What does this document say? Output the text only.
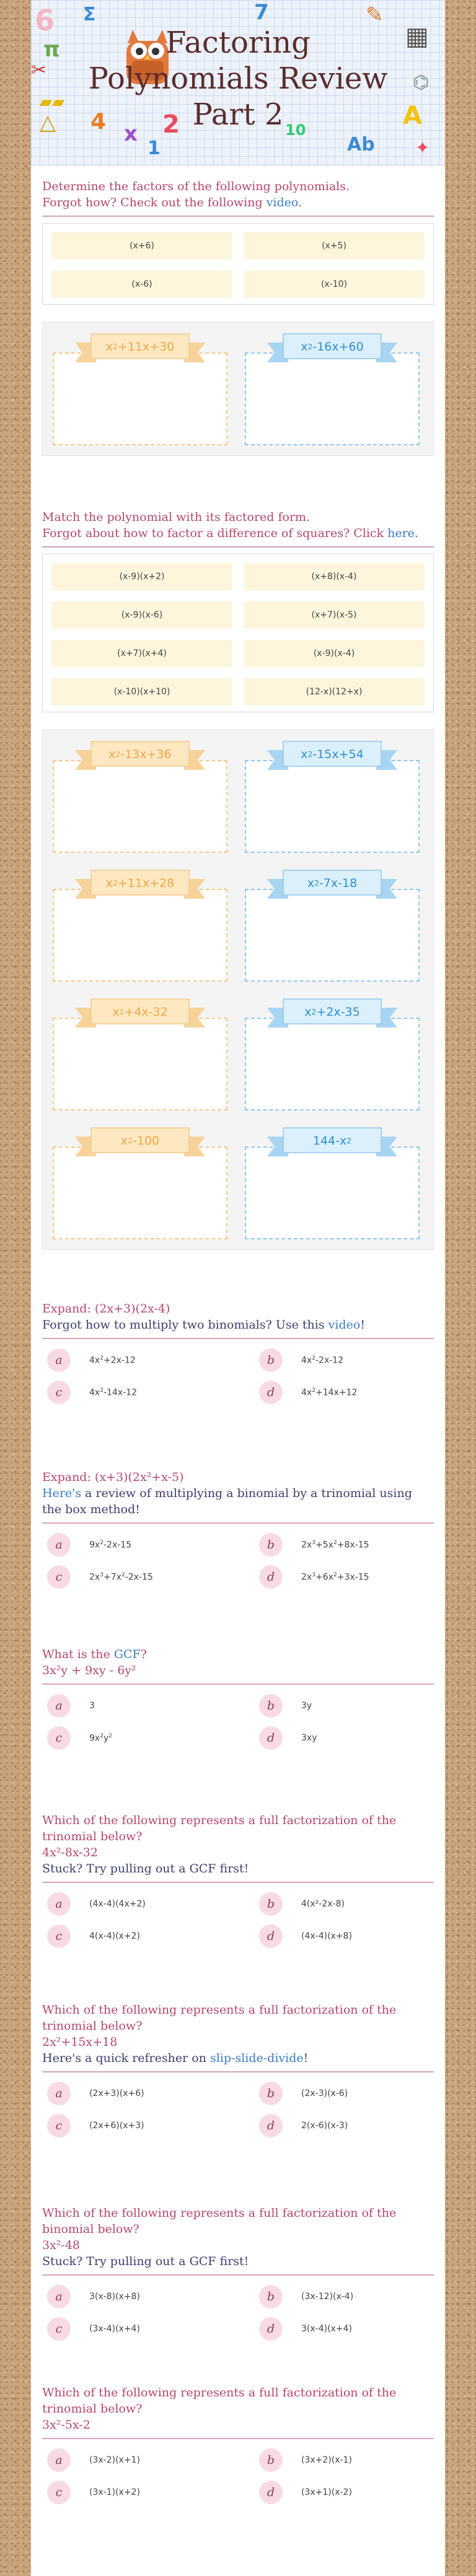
6
π
✂
▰▰
△ 4
Σ
x
1
2
7	✎
▦
⌬
A
10
Ab ✦
Factoring
Polynomials Review
Part 2
Determine the factors of the following polynomials.
Forgot how? Check out the following video.
(x+6)	(x+5)
(x-6)	(x-10)
x 2 +11x+30	x 2 -16x+60
Match the polynomial with its factored form.
Forgot about how to factor a difference of squares? Click here.
(x-9)(x+2)	(x+8)(x-4)
(x-9)(x-6)	(x+7)(x-5)
(x+7)(x+4)	(x-9)(x-4)
(x-10)(x+10)	(12-x)(12+x)
x 2 -13x+36	x 2 -15x+54
x 2 +11x+28	x 2 -7x-18
x 2 +4x-32	x 2 +2x-35
x 2 -100	144- x 2
Expand: (2x+3)(2x-4)
Forgot how to multiply two binomials? Use this video!
a	$4x^2+2x-12$	b	$4x^2-2x-12$
c	$4x^2-14x-12$	d	$4x^2+14x+12$
Expand: (x+3)(2x²+x-5)
Here's a review of multiplying a binomial by a trinomial using the box method!
a	$9x^2-2x-15$	b	$2x^3+5x^2+8x-15$
c	$2x^3+7x^2-2x-15$	d	$2x^3+6x^2+3x-15$
What is the GCF?
3x²y + 9xy - 6y²
a	3	b	3y
c	$9x^2y^2$	d	3xy
Which of the following represents a full factorization of the trinomial below?
4x²-8x-32
Stuck? Try pulling out a GCF first!
a	(4x-4)(4x+2)	b	4(x²-2x-8)
c	4(x-4)(x+2)	d	(4x-4)(x+8)
Which of the following represents a full factorization of the trinomial below?
2x²+15x+18
Here's a quick refresher on slip-slide-divide!
a	(2x+3)(x+6)	b	(2x-3)(x-6)
c	(2x+6)(x+3)	d	2(x-6)(x-3)
Which of the following represents a full factorization of the binomial below?
3x²-48
Stuck? Try pulling out a GCF first!
a	3(x-8)(x+8)	b	(3x-12)(x-4)
c	(3x-4)(x+4)	d	3(x-4)(x+4)
Which of the following represents a full factorization of the trinomial below?
3x²-5x-2
a	(3x-2)(x+1)	b	(3x+2)(x-1)
c	(3x-1)(x+2)	d	(3x+1)(x-2)
